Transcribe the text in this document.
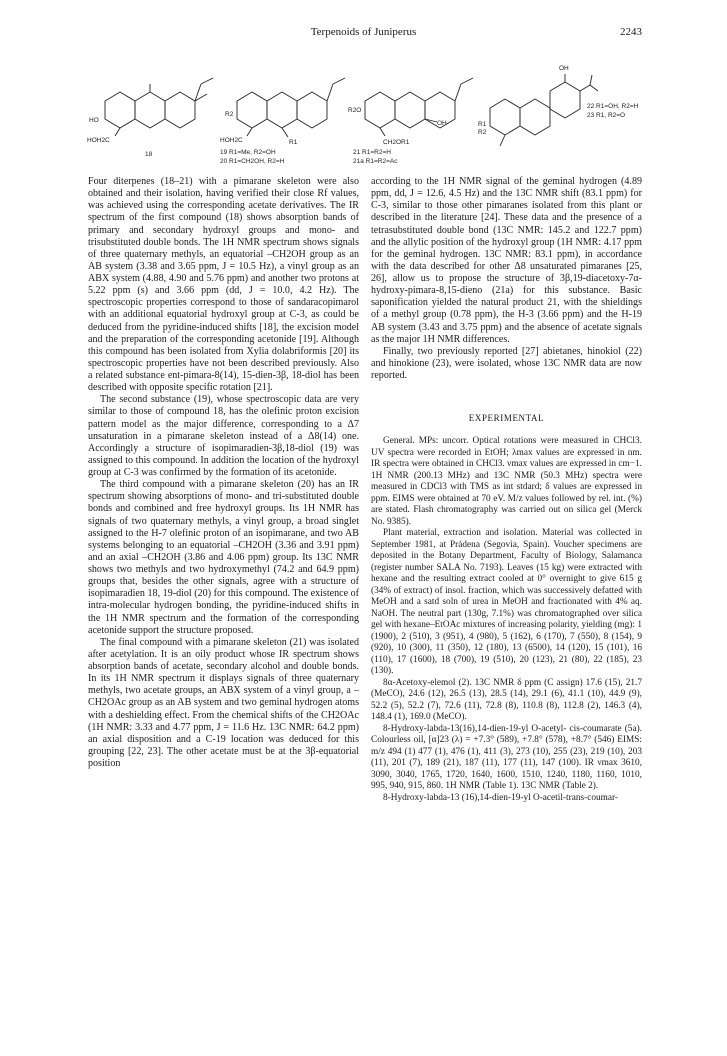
Terpenoids of Juniperus	2243
HO
HOH2C
18
R2
HOH2C	R1
19 R1=Me, R2=OH
20 R1=CH2OH, R2=H
R2O
OH
CH2OR1
21 R1=R2=H
21a R1=R2=Ac
OH
R1
R2
22 R1=OH, R2=H
23 R1, R2=O

Four diterpenes (18–21) with a pimarane skeleton were also obtained and their isolation, having verified their close Rf values, was achieved using the corresponding acetate derivatives. The IR spectrum of the first compound (18) shows absorption bands of primary and secondary hydroxyl groups and mono- and trisubstituted double bonds. The 1H NMR spectrum shows signals of three quaternary methyls, an equatorial –CH2OH group as an AB system (3.38 and 3.65 ppm, J = 10.5 Hz), a vinyl group as an ABX system (4.88, 4.90 and 5.76 ppm) and another two protons at 5.22 ppm (s) and 3.66 ppm (dd, J = 10.0, 4.2 Hz). The spectroscopic properties correspond to those of sandaracopimarol with an additional equatorial hydroxyl group at C-3, as could be deduced from the pyridine-induced shifts [18], the excision model and the preparation of the corresponding acetonide [19]. Although this compound has been isolated from Xylia dolabriformis [20] its spectroscopic properties have not been described previously. Also a related substance ent-pimara-8(14), 15-dien-3β, 18-diol has been described with opposite specific rotation [21].

The second substance (19), whose spectroscopic data are very similar to those of compound 18, has the olefinic proton excision pattern model as the major difference, corresponding to a Δ7 unsaturation in a pimarane skeleton instead of a Δ8(14) one. Accordingly a structure of isopimaradien-3β,18-diol (19) was assigned to this compound. In addition the location of the hydroxyl group at C-3 was confirmed by the formation of its acetonide.

The third compound with a pimarane skeleton (20) has an IR spectrum showing absorptions of mono- and tri-substituted double bonds and combined and free hydroxyl groups. Its 1H NMR has signals of two quaternary methyls, a vinyl group, a broad singlet assigned to the H-7 olefinic proton of an isopimarane, and two AB systems belonging to an equatorial –CH2OH (3.36 and 3.91 ppm) and an axial –CH2OH (3.86 and 4.06 ppm) group. Its 13C NMR shows two methyls and two hydroxymethyl (74.2 and 64.9 ppm) groups that, besides the other signals, agree with a structure of isopimaradien 18, 19-diol (20) for this compound. The existence of intra-molecular hydrogen bonding, the pyridine-induced shifts in the 1H NMR spectrum and the formation of the corresponding acetonide support the structure proposed.

The final compound with a pimarane skeleton (21) was isolated after acetylation. It is an oily product whose IR spectrum shows absorption bands of acetate, secondary alcohol and double bonds. In its 1H NMR spectrum it displays signals of three quaternary methyls, two acetate groups, an ABX system of a vinyl group, a –CH2OAc group as an AB system and two geminal hydrogen atoms with a deshielding effect. From the chemical shifts of the CH2OAc (1H NMR: 3.33 and 4.77 ppm, J = 11.6 Hz. 13C NMR: 64.2 ppm) an axial disposition and a C-19 location was deduced for this grouping [22, 23]. The other acetate must be at the 3β-equatorial position

according to the 1H NMR signal of the geminal hydrogen (4.89 ppm, dd, J = 12.6, 4.5 Hz) and the 13C NMR shift (83.1 ppm) for C-3, similar to those other pimaranes isolated from this plant or described in the literature [24]. These data and the presence of a tetrasubstituted double bond (13C NMR: 145.2 and 122.7 ppm) and the allylic position of the hydroxyl group (1H NMR: 4.17 ppm for the geminal hydrogen. 13C NMR: 83.1 ppm), in accordance with the data described for other Δ8 unsaturated pimaranes [25, 26], allow us to propose the structure of 3β,19-diacetoxy-7α-hydroxy-pimara-8,15-dieno (21a) for this substance. Basic saponification yielded the natural product 21, with the shieldings of a methyl group (0.78 ppm), the H-3 (3.66 ppm) and the H-19 AB system (3.43 and 3.75 ppm) and the absence of acetate signals as the major 1H NMR differences.

Finally, two previously reported [27] abietanes, hinokiol (22) and hinokione (23), were isolated, whose 13C NMR data are now reported.

EXPERIMENTAL

General. MPs: uncorr. Optical rotations were measured in CHCl3. UV spectra were recorded in EtOH; λmax values are expressed in nm. IR spectra were obtained in CHCl3. νmax values are expressed in cm−1. 1H NMR (200.13 MHz) and 13C NMR (50.3 MHz) spectra were measured in CDCl3 with TMS as int stdard; δ values are expressed in ppm. EIMS were obtained at 70 eV. M/z values followed by rel. int. (%) are stated. Flash chromatography was carried out on silica gel (Merck No. 9385).

Plant material, extraction and isolation. Material was collected in September 1981, at Prádena (Segovia, Spain). Voucher specimens are deposited in the Botany Department, Faculty of Biology, Salamanca (register number SALA No. 7193). Leaves (15 kg) were extracted with hexane and the resulting extract cooled at 0° overnight to give 615 g (34% of extract) of insol. fraction, which was successively defatted with MeOH and a satd soln of urea in MeOH and fractionated with 4% aq. NaOH. The neutral part (130g, 7.1%) was chromatographed over silica gel with hexane–EtOAc mixtures of increasing polarity, yielding (mg): 1 (1900), 2 (510), 3 (951), 4 (980), 5 (162), 6 (170), 7 (550), 8 (154), 9 (920), 10 (300), 11 (350), 12 (180), 13 (6500), 14 (120), 15 (101), 16 (110), 17 (1600), 18 (700), 19 (510), 20 (123), 21 (80), 22 (185), 23 (130).

8α-Acetoxy-elemol (2). 13C NMR δ ppm (C assign) 17.6 (15), 21.7 (MeCO), 24.6 (12), 26.5 (13), 28.5 (14), 29.1 (6), 41.1 (10), 44.9 (9), 52.2 (5), 52.2 (7), 72.6 (11), 72.8 (8), 110.8 (8), 112.8 (2), 146.3 (4), 148.4 (1), 169.0 (MeCO).

8-Hydroxy-labda-13(16),14-dien-19-yl O-acetyl- cis-coumarate (5a). Colourless oil, [α]23 (λ) = +7.3° (589), +7.8° (578), +8.7° (546) EIMS: m/z 494 (1) 477 (1), 476 (1), 411 (3), 273 (10), 255 (23), 219 (10), 203 (11), 201 (7), 189 (21), 187 (11), 177 (11), 147 (100). IR νmax 3610, 3090, 3040, 1765, 1720, 1640, 1600, 1510, 1240, 1180, 1160, 1010, 995, 940, 915, 860. 1H NMR (Table 1). 13C NMR (Table 2).

8-Hydroxy-labda-13 (16),14-dien-19-yl O-acetil-trans-coumar-
